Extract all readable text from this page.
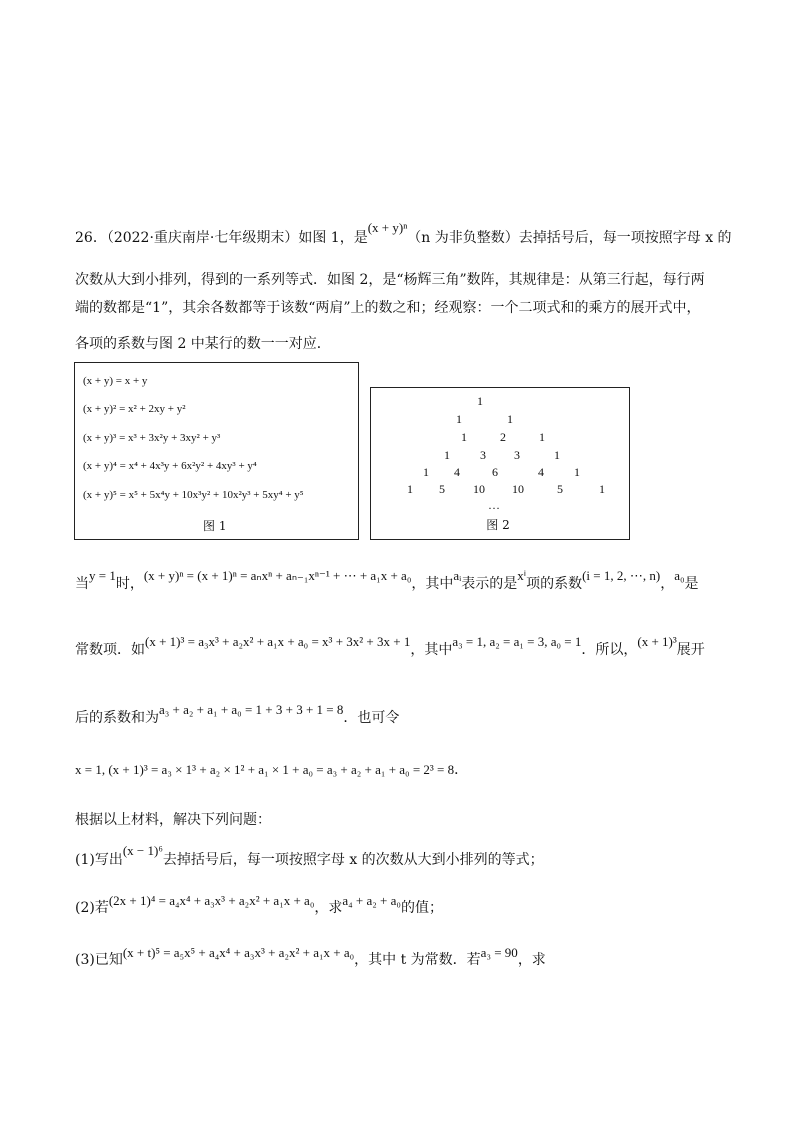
26．（2022·重庆南岸·七年级期末）如图 1，是(x + y)ⁿ（n 为非负整数）去掉括号后，每一项按照字母 x 的
次数从大到小排列，得到的一系列等式．如图 2，是“杨辉三角”数阵，其规律是：从第三行起，每行两
端的数都是“1”，其余各数都等于该数“两肩”上的数之和；经观察：一个二项式和的乘方的展开式中，
各项的系数与图 2 中某行的数一一对应．
(x + y) = x + y
(x + y)² = x² + 2xy + y²
(x + y)³ = x³ + 3x²y + 3xy² + y³
(x + y)⁴ = x⁴ + 4x³y + 6x²y² + 4xy³ + y⁴
(x + y)⁵ = x⁵ + 5x⁴y + 10x³y² + 10x²y³ + 5xy⁴ + y⁵
图 1
1
1	1
1	2	1
1	3 3	1
1 4	6	4	1
1 5 10 10	5	1
…
图 2
当y = 1时，(x + y)ⁿ = (x + 1)ⁿ = aₙxⁿ + aₙ₋₁xⁿ⁻¹ + ⋯ + a₁x + a₀，其中aᵢ表示的是xⁱ项的系数(i = 1, 2, ⋯, n)，a₀是
常数项．如(x + 1)³ = a₃x³ + a₂x² + a₁x + a₀ = x³ + 3x² + 3x + 1，其中a₃ = 1, a₂ = a₁ = 3, a₀ = 1．所以，(x + 1)³展开
后的系数和为a₃ + a₂ + a₁ + a₀ = 1 + 3 + 3 + 1 = 8．也可令
x = 1, (x + 1)³ = a₃ × 1³ + a₂ × 1² + a₁ × 1 + a₀ = a₃ + a₂ + a₁ + a₀ = 2³ = 8．
根据以上材料，解决下列问题：
(1)写出(x − 1)⁶去掉括号后，每一项按照字母 x 的次数从大到小排列的等式；
(2)若(2x + 1)⁴ = a₄x⁴ + a₃x³ + a₂x² + a₁x + a₀，求a₄ + a₂ + a₀的值；
(3)已知(x + t)⁵ = a₅x⁵ + a₄x⁴ + a₃x³ + a₂x² + a₁x + a₀，其中 t 为常数．若a₃ = 90，求
